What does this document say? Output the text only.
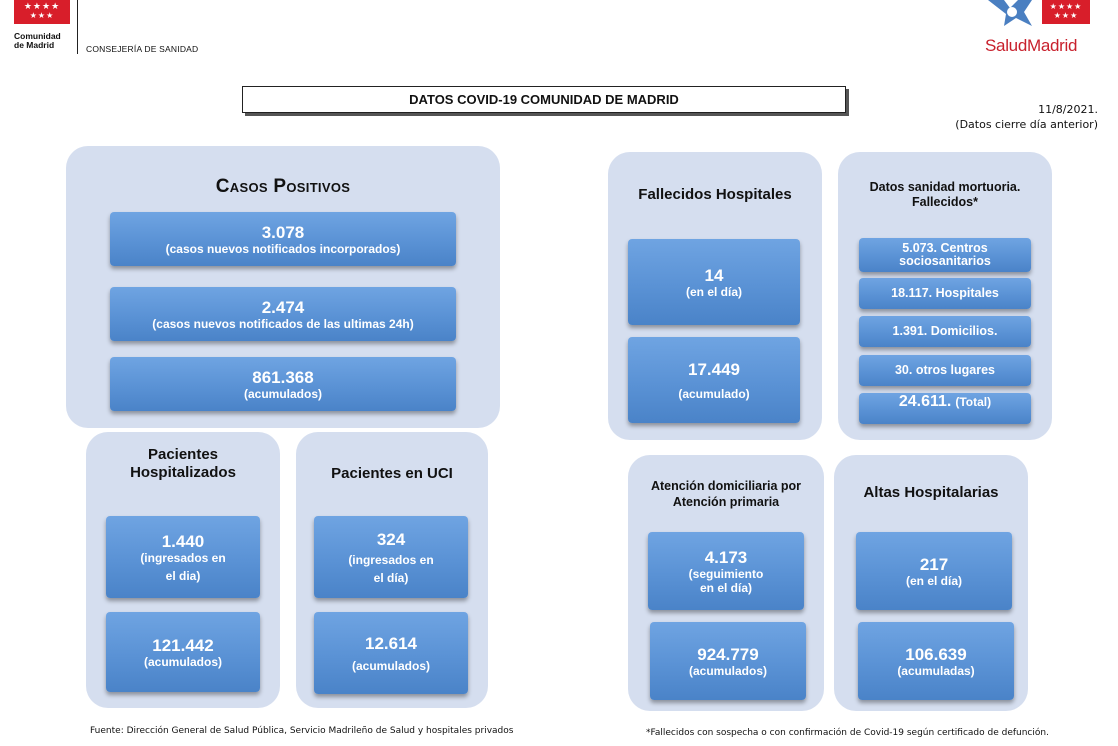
★★★★
★★★
Comunidad
de Madrid	CONSEJERÍA DE SANIDAD
★★★★
★★★
SaludMadrid
DATOS COVID-19 COMUNIDAD DE MADRID
11/8/2021.
(Datos cierre día anterior)
Casos Positivos
3.078
(casos nuevos notificados incorporados)
2.474
(casos nuevos notificados de las ultimas 24h)
861.368
(acumulados)
Pacientes
Hospitalizados
1.440
(ingresados en
el dia)
121.442
(acumulados)
Pacientes en UCI
324
(ingresados en
el día)
12.614
(acumulados)
Fallecidos Hospitales
14
(en el día)
17.449
(acumulado)
Datos sanidad mortuoria.
Fallecidos*
5.073. Centros
sociosanitarios
18.117. Hospitales
1.391. Domicilios.
30. otros lugares
24.611. (Total)
Atención domiciliaria por
Atención primaria
4.173
(seguimiento
en el día)
924.779
(acumulados)
Altas Hospitalarias
217
(en el día)
106.639
(acumuladas)
Fuente: Dirección General de Salud Pública, Servicio Madrileño de Salud y hospitales privados	*Fallecidos con sospecha o con confirmación de Covid-19 según certificado de defunción.
